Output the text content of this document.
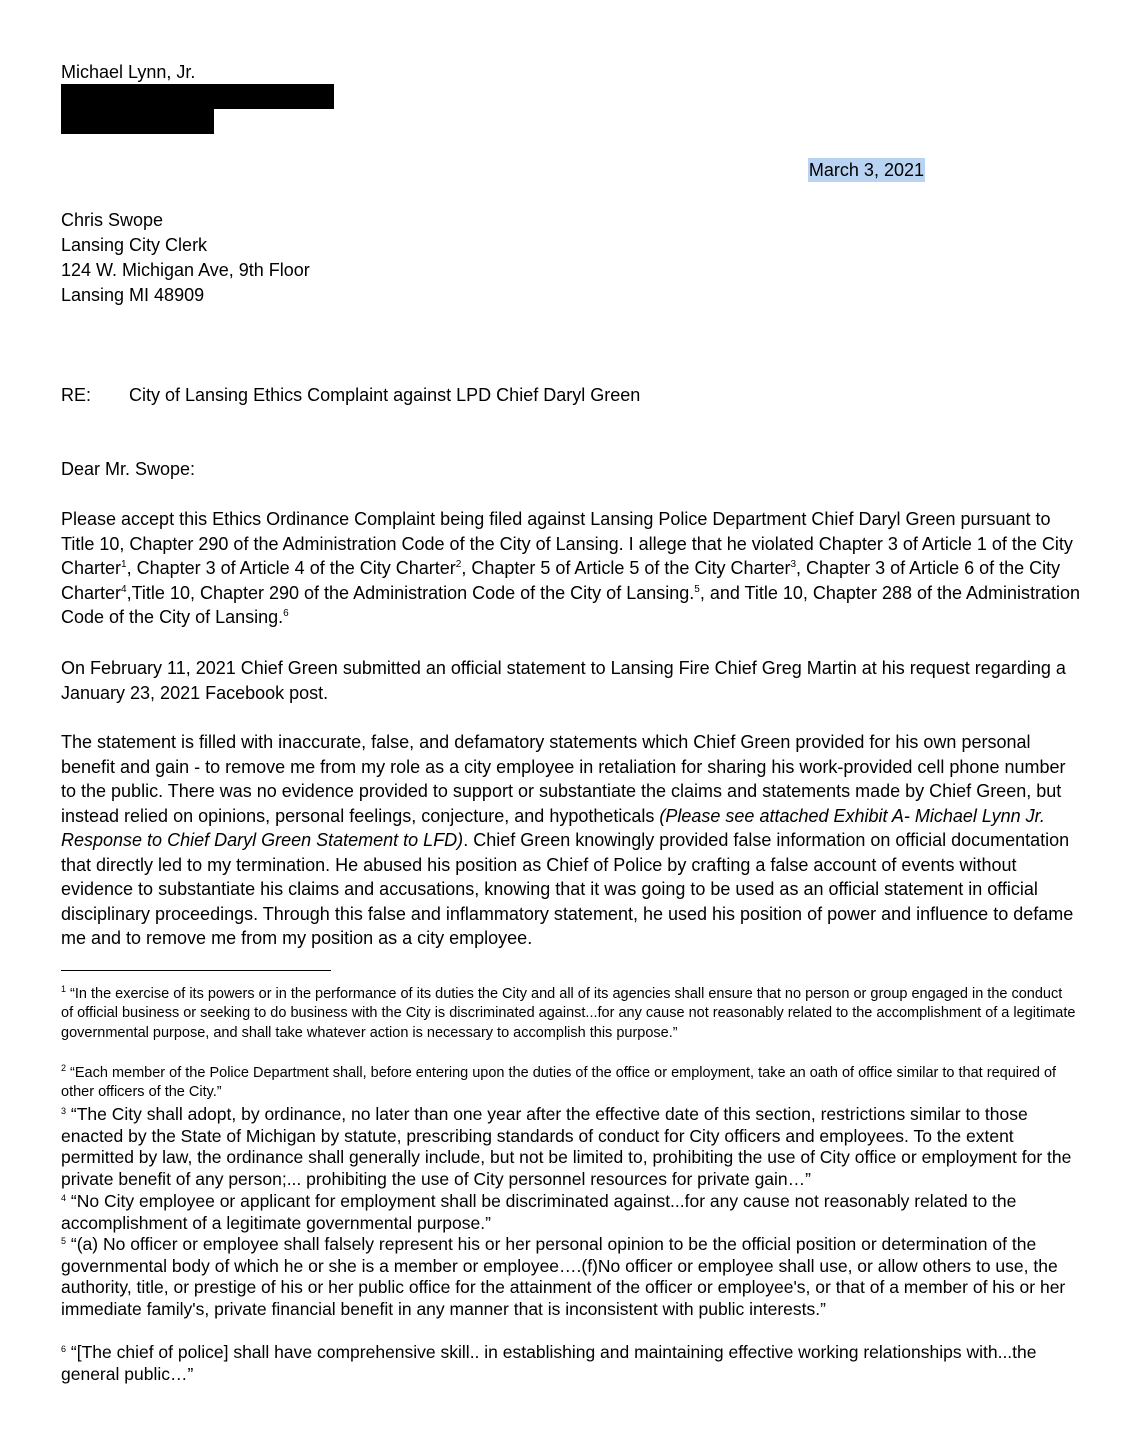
Michael Lynn, Jr.
March 3, 2021
Chris Swope
Lansing City Clerk
124 W. Michigan Ave, 9th Floor
Lansing MI 48909
RE: City of Lansing Ethics Complaint against LPD Chief Daryl Green
Dear Mr. Swope:
Please accept this Ethics Ordinance Complaint being filed against Lansing Police Department Chief Daryl Green pursuant to Title 10, Chapter 290 of the Administration Code of the City of Lansing. I allege that he violated Chapter 3 of Article 1 of the City Charter$^1$, Chapter 3 of Article 4 of the City Charter$^2$, Chapter 5 of Article 5 of the City Charter$^3$, Chapter 3 of Article 6 of the City Charter$^4$,Title 10, Chapter 290 of the Administration Code of the City of Lansing.$^5$, and Title 10, Chapter 288 of the Administration Code of the City of Lansing.$^6$
On February 11, 2021 Chief Green submitted an official statement to Lansing Fire Chief Greg Martin at his request regarding a January 23, 2021 Facebook post.
The statement is filled with inaccurate, false, and defamatory statements which Chief Green provided for his own personal benefit and gain - to remove me from my role as a city employee in retaliation for sharing his work-provided cell phone number to the public. There was no evidence provided to support or substantiate the claims and statements made by Chief Green, but instead relied on opinions, personal feelings, conjecture, and hypotheticals (Please see attached Exhibit A- Michael Lynn Jr. Response to Chief Daryl Green Statement to LFD). Chief Green knowingly provided false information on official documentation that directly led to my termination. He abused his position as Chief of Police by crafting a false account of events without evidence to substantiate his claims and accusations, knowing that it was going to be used as an official statement in official disciplinary proceedings. Through this false and inflammatory statement, he used his position of power and influence to defame me and to remove me from my position as a city employee.
$^1$ “In the exercise of its powers or in the performance of its duties the City and all of its agencies shall ensure that no person or group engaged in the conduct of official business or seeking to do business with the City is discriminated against...for any cause not reasonably related to the accomplishment of a legitimate governmental purpose, and shall take whatever action is necessary to accomplish this purpose.”
$^2$ “Each member of the Police Department shall, before entering upon the duties of the office or employment, take an oath of office similar to that required of other officers of the City.”
$^3$ “The City shall adopt, by ordinance, no later than one year after the effective date of this section, restrictions similar to those enacted by the State of Michigan by statute, prescribing standards of conduct for City officers and employees. To the extent permitted by law, the ordinance shall generally include, but not be limited to, prohibiting the use of City office or employment for the private benefit of any person;... prohibiting the use of City personnel resources for private gain…”
$^4$ “No City employee or applicant for employment shall be discriminated against...for any cause not reasonably related to the accomplishment of a legitimate governmental purpose.”
$^5$ “(a) No officer or employee shall falsely represent his or her personal opinion to be the official position or determination of the governmental body of which he or she is a member or employee….(f)No officer or employee shall use, or allow others to use, the authority, title, or prestige of his or her public office for the attainment of the officer or employee's, or that of a member of his or her immediate family's, private financial benefit in any manner that is inconsistent with public interests.”
$^6$ “[The chief of police] shall have comprehensive skill.. in establishing and maintaining effective working relationships with...the general public…”
